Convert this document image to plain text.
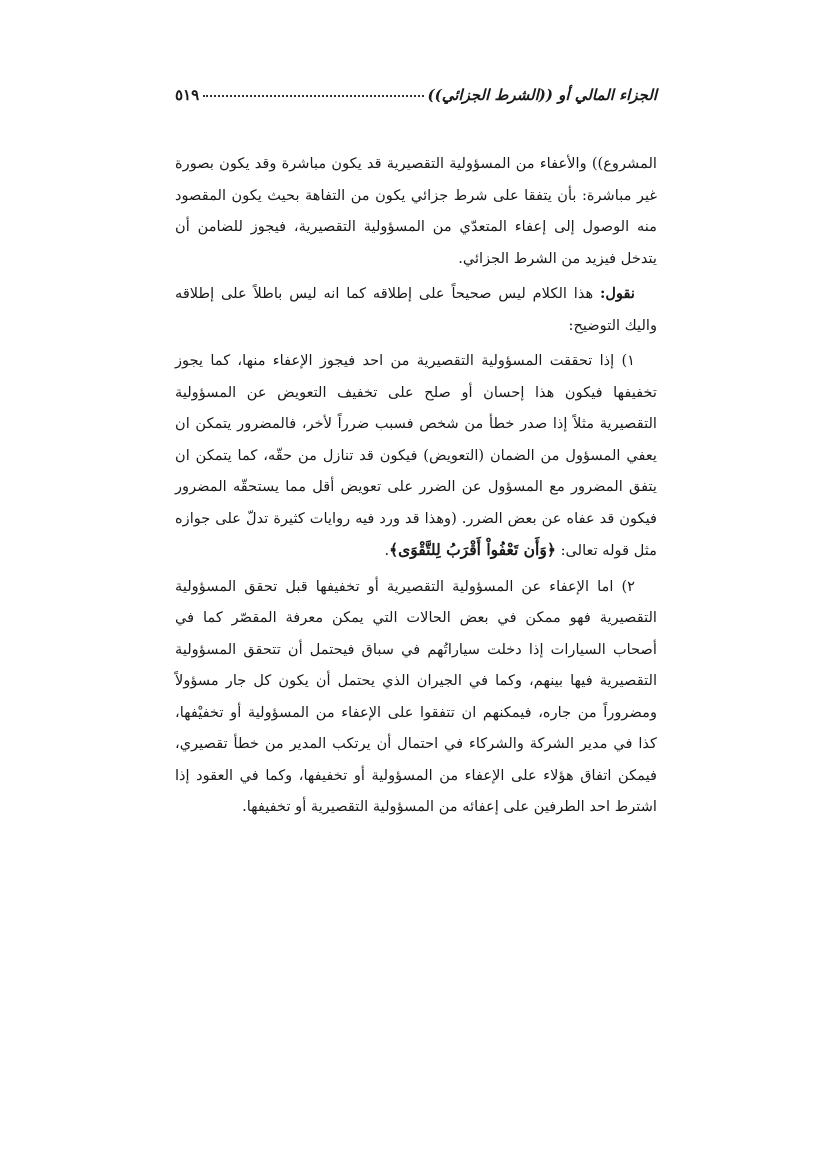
الجزاء المالي أو ((الشرط الجزائي))
٥١٩

المشروع)) والأعفاء من المسؤولية التقصيرية قد يكون مباشرة وقد يكون بصورة غير مباشرة: بأن يتفقا على شرط جزائي يكون من التفاهة بحيث يكون المقصود منه الوصول إلى إعفاء المتعدّي من المسؤولية التقصيرية، فيجوز للضامن أن يتدخل فيزيد من الشرط الجزائي.

نقول: هذا الكلام ليس صحيحاً على إطلاقه كما انه ليس باطلاً على إطلاقه واليك التوضيح:

١) إذا تحققت المسؤولية التقصيرية من احد فيجوز الإعفاء منها، كما يجوز تخفيفها فيكون هذا إحسان أو صلح على تخفيف التعويض عن المسؤولية التقصيرية مثلاً إذا صدر خطأ من شخص فسبب ضرراً لأخر، فالمضرور يتمكن ان يعفي المسؤول من الضمان (التعويض) فيكون قد تنازل من حقّه، كما يتمكن ان يتفق المضرور مع المسؤول عن الضرر على تعويض أقل مما يستحقّه المضرور فيكون قد عفاه عن بعض الضرر. (وهذا قد ورد فيه روايات كثيرة تدلّ على جوازه مثل قوله تعالى: ﴿وَأَن تَعْفُواْ أَقْرَبُ لِلتَّقْوَى﴾.

٢) اما الإعفاء عن المسؤولية التقصيرية أو تخفيفها قبل تحقق المسؤولية التقصيرية فهو ممكن في بعض الحالات التي يمكن معرفة المقصّر كما في أصحاب السيارات إذا دخلت سياراتُهم في سباق فيحتمل أن تتحقق المسؤولية التقصيرية فيها بينهم، وكما في الجيران الذي يحتمل أن يكون كل جار مسؤولاً ومضروراً من جاره، فيمكنهم ان تتفقوا على الإعفاء من المسؤولية أو تخفيْفها، كذا في مدير الشركة والشركاء في احتمال أن يرتكب المدير من خطأ تقصيري، فيمكن اتفاق هؤلاء على الإعفاء من المسؤولية أو تخفيفها، وكما في العقود إذا اشترط احد الطرفين على إعفائه من المسؤولية التقصيرية أو تخفيفها.
